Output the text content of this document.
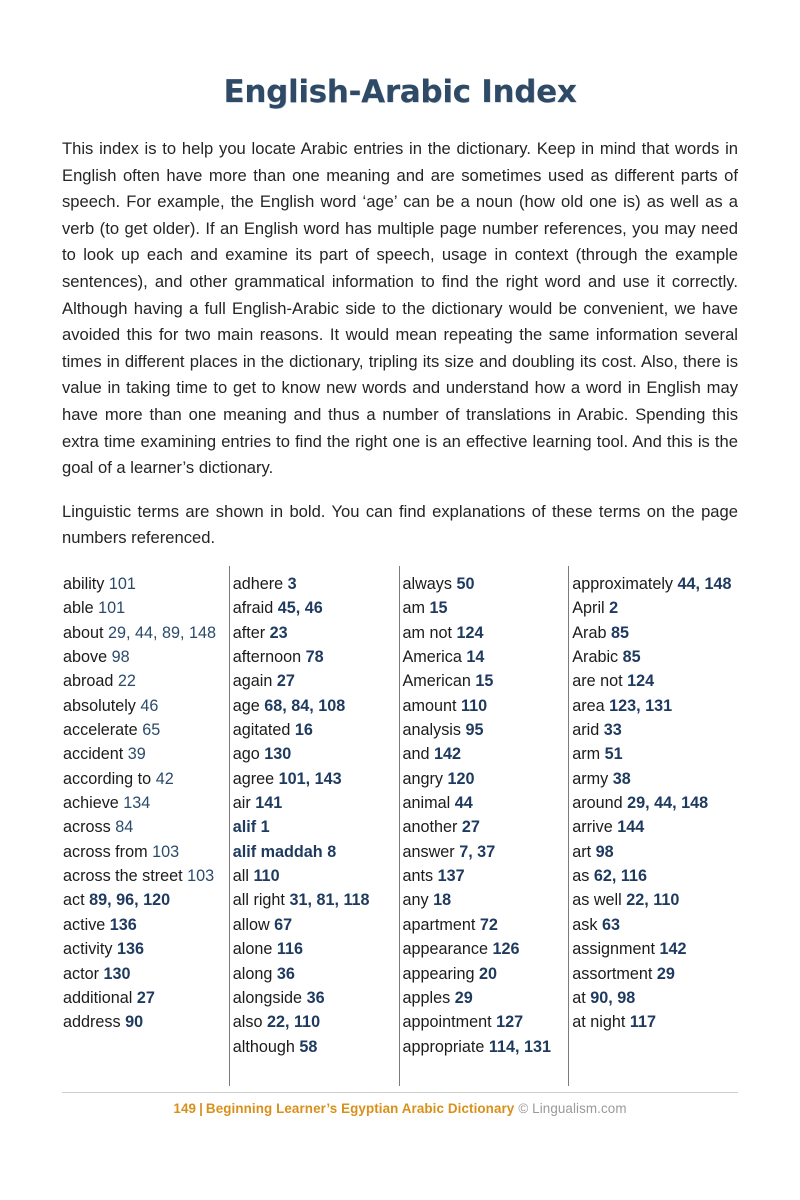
English-Arabic Index

This index is to help you locate Arabic entries in the dictionary. Keep in mind that words in English often have more than one meaning and are sometimes used as different parts of speech. For example, the English word ‘age’ can be a noun (how old one is) as well as a verb (to get older). If an English word has multiple page number references, you may need to look up each and examine its part of speech, usage in context (through the example sentences), and other grammatical information to find the right word and use it correctly. Although having a full English-Arabic side to the dictionary would be convenient, we have avoided this for two main reasons. It would mean repeating the same information several times in different places in the dictionary, tripling its size and doubling its cost. Also, there is value in taking time to get to know new words and understand how a word in English may have more than one meaning and thus a number of translations in Arabic. Spending this extra time examining entries to find the right one is an effective learning tool. And this is the goal of a learner’s dictionary.

Linguistic terms are shown in bold. You can find explanations of these terms on the page numbers referenced.

ability 101
able 101
about 29, 44, 89, 148
above 98
abroad 22
absolutely 46
accelerate 65
accident 39
according to 42
achieve 134
across 84
across from 103
across the street 103
act 89, 96, 120
active 136
activity 136
actor 130
additional 27
address 90
adhere 3
afraid 45, 46
after 23
afternoon 78
again 27
age 68, 84, 108
agitated 16
ago 130
agree 101, 143
air 141
alif 1
alif maddah 8
all 110
all right 31, 81, 118
allow 67
alone 116
along 36
alongside 36
also 22, 110
although 58
always 50
am 15
am not 124
America 14
American 15
amount 110
analysis 95
and 142
angry 120
animal 44
another 27
answer 7, 37
ants 137
any 18
apartment 72
appearance 126
appearing 20
apples 29
appointment 127
appropriate 114, 131
approximately 44, 148
April 2
Arab 85
Arabic 85
are not 124
area 123, 131
arid 33
arm 51
army 38
around 29, 44, 148
arrive 144
art 98
as 62, 116
as well 22, 110
ask 63
assignment 142
assortment 29
at 90, 98
at night 117
149 | Beginning Learner’s Egyptian Arabic Dictionary © Lingualism.com
